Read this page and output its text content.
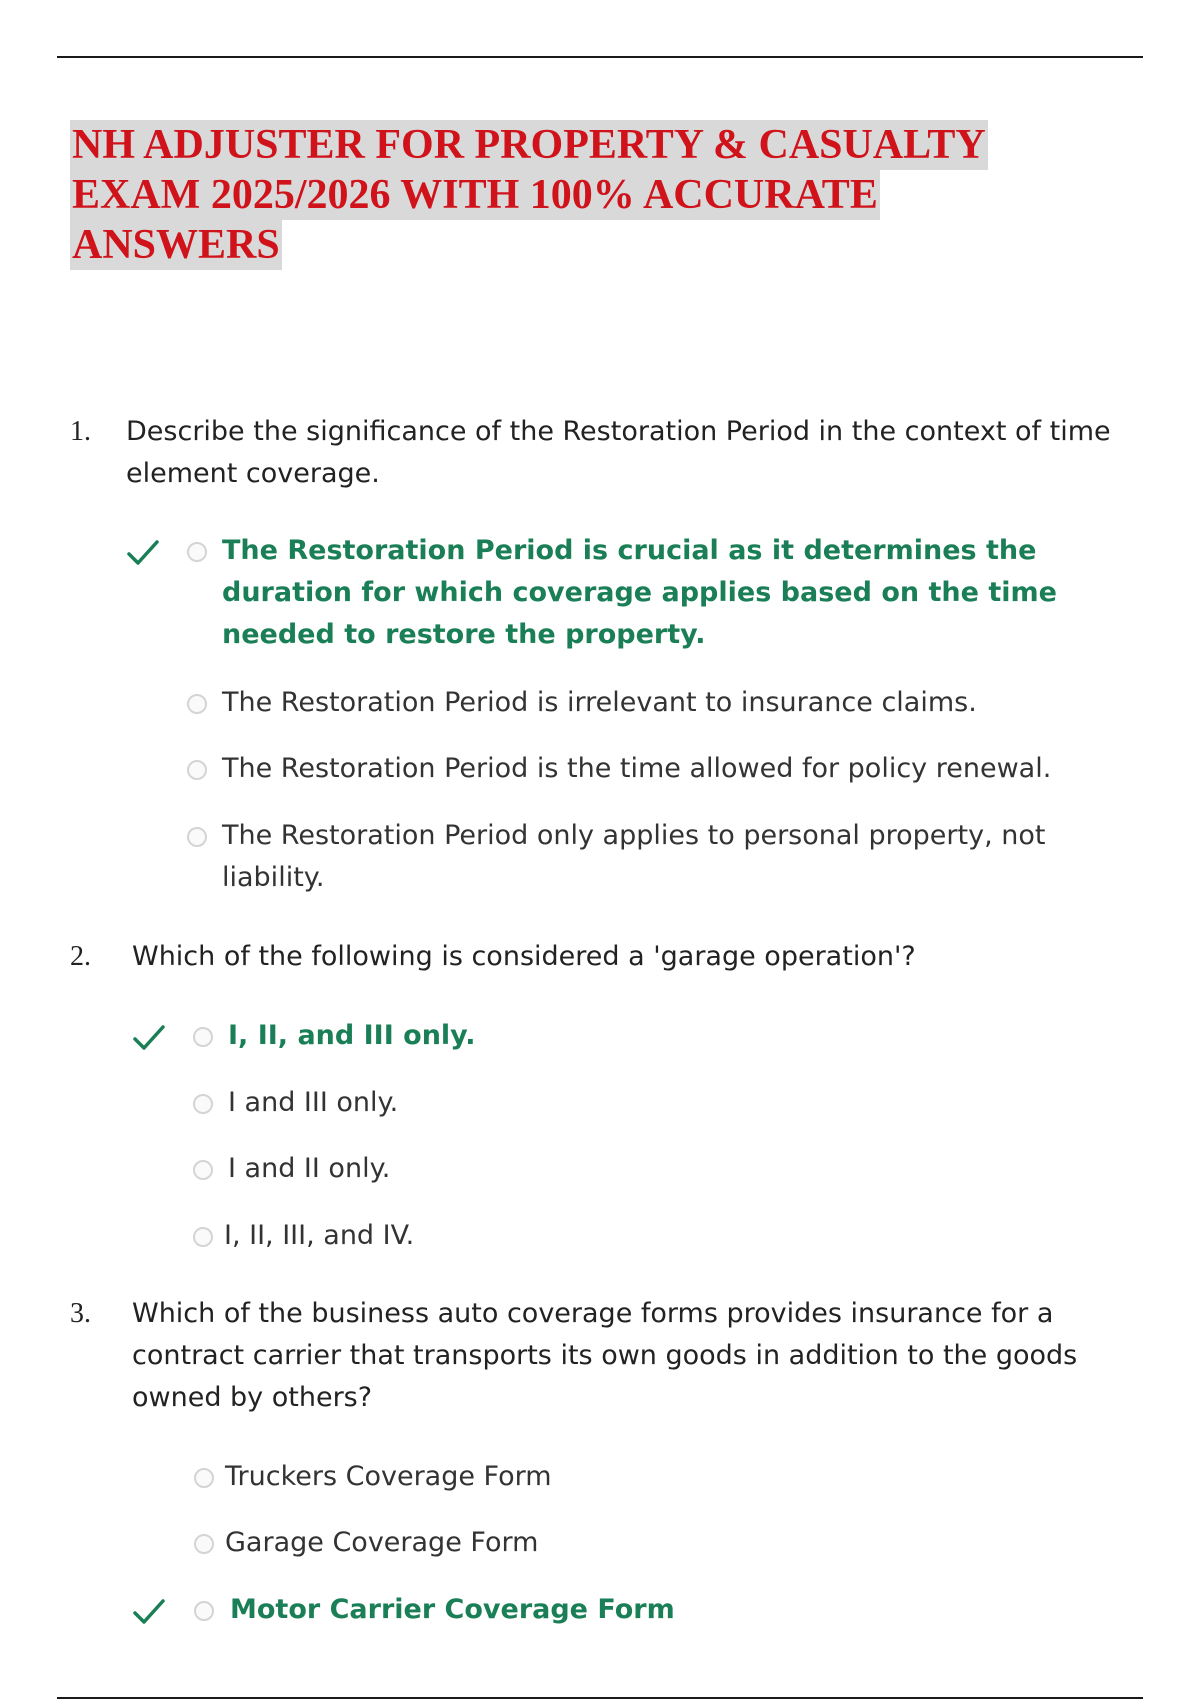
NH ADJUSTER FOR PROPERTY & CASUALTY
EXAM 2025/2026 WITH 100% ACCURATE
ANSWERS
1. Describe the significance of the Restoration Period in the context of time element coverage.
The Restoration Period is crucial as it determines the duration for which coverage applies based on the time needed to restore the property.
The Restoration Period is irrelevant to insurance claims.
The Restoration Period is the time allowed for policy renewal.
The Restoration Period only applies to personal property, not liability.
2. Which of the following is considered a 'garage operation'?
I, II, and III only.
I and III only.
I and II only.
I, II, III, and IV.
3. Which of the business auto coverage forms provides insurance for a contract carrier that transports its own goods in addition to the goods owned by others?
Truckers Coverage Form
Garage Coverage Form
Motor Carrier Coverage Form
